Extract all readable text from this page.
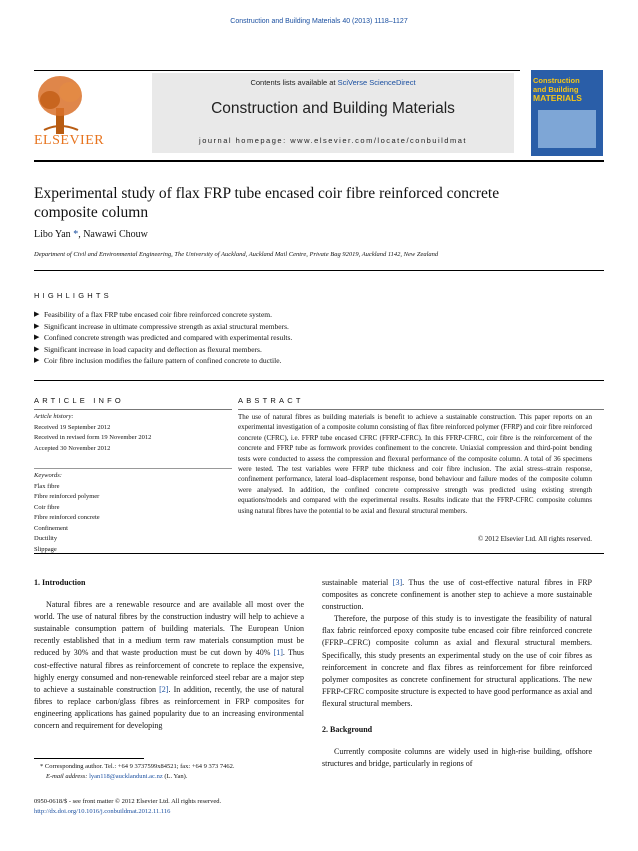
Construction and Building Materials 40 (2013) 1118–1127
ELSEVIER
Contents lists available at SciVerse ScienceDirect
Construction and Building Materials
journal homepage: www.elsevier.com/locate/conbuildmat
Construction
and Building
MATERIALS
Experimental study of flax FRP tube encased coir fibre reinforced concrete
composite column
Libo Yan *, Nawawi Chouw
Department of Civil and Environmental Engineering, The University of Auckland, Auckland Mail Centre, Private Bag 92019, Auckland 1142, New Zealand
HIGHLIGHTS
▶ Feasibility of a flax FRP tube encased coir fibre reinforced concrete system.
▶ Significant increase in ultimate compressive strength as axial structural members.
▶ Confined concrete strength was predicted and compared with experimental results.
▶ Significant increase in load capacity and deflection as flexural members.
▶ Coir fibre inclusion modifies the failure pattern of confined concrete to ductile.
ARTICLE INFO	ABSTRACT
Article history:
Received 19 September 2012
Received in revised form 19 November 2012
Accepted 30 November 2012
Keywords:
Flax fibre
Fibre reinforced polymer
Coir fibre
Fibre reinforced concrete
Confinement
Ductility
Slippage
The use of natural fibres as building materials is benefit to achieve a sustainable construction. This paper reports on an experimental investigation of a composite column consisting of flax fibre reinforced polymer (FFRP) and coir fibre reinforced concrete (CFRC), i.e. FFRP tube encased CFRC (FFRP-CFRC). In this FFRP-CFRC, coir fibre is the reinforcement of the concrete and FFRP tube as formwork provides confinement to the concrete. Uniaxial compression and third-point bending tests were conducted to assess the compression and flexural performance of the composite column. A total of 36 specimens were tested. The test variables were FFRP tube thickness and coir fibre inclusion. The axial stress–strain response, confinement performance, lateral load–displacement response, bond behaviour and failure modes of the composite column were analysed. In addition, the confined concrete compressive strength was predicted using existing strength equations/models and compared with the experimental results. Results indicate that the FFRP-CFRC composite columns using natural fibres have the potential to be axial and flexural structural members.
© 2012 Elsevier Ltd. All rights reserved.
1. Introduction

Natural fibres are a renewable resource and are available all most over the world. The use of natural fibres by the construction industry will help to achieve a sustainable consumption pattern of building materials. The European Union recently established that in a medium term raw materials consumption must be reduced by 30% and that waste production must be cut down by 40% [1]. Thus cost-effective natural fibres as reinforcement of concrete to replace the expensive, highly energy consumed and non-renewable reinforced steel rebar are a major step to achieve a sustainable construction [2]. In addition, recently, the use of natural fibres to replace carbon/glass fibres as reinforcement in FRP composites for engineering applications has gained popularity due to an increasing environmental concern and requirement for developing

sustainable material [3]. Thus the use of cost-effective natural fibres in FRP composites as concrete confinement is another step to achieve a more sustainable construction.

Therefore, the purpose of this study is to investigate the feasibility of natural flax fabric reinforced epoxy composite tube encased coir fibre reinforced concrete (FFRP–CFRC) composite column as axial and flexural structural members. Specifically, this study presents an experimental study on the use of coir fibres as reinforcement in concrete and flax fibres as reinforcement for fibre reinforced polymer composites as concrete confinement for structural applications. The new FFRP-CFRC composite structure is expected to have good performance as axial and flexural structural members.

2. Background

Currently composite columns are widely used in high-rise building, offshore structures and bridge, particularly in regions of

* Corresponding author. Tel.: +64 9 3737599x84521; fax: +64 9 373 7462.
E-mail address: lyan118@aucklanduni.ac.nz (L. Yan).
0950-0618/$ - see front matter © 2012 Elsevier Ltd. All rights reserved.
http://dx.doi.org/10.1016/j.conbuildmat.2012.11.116
